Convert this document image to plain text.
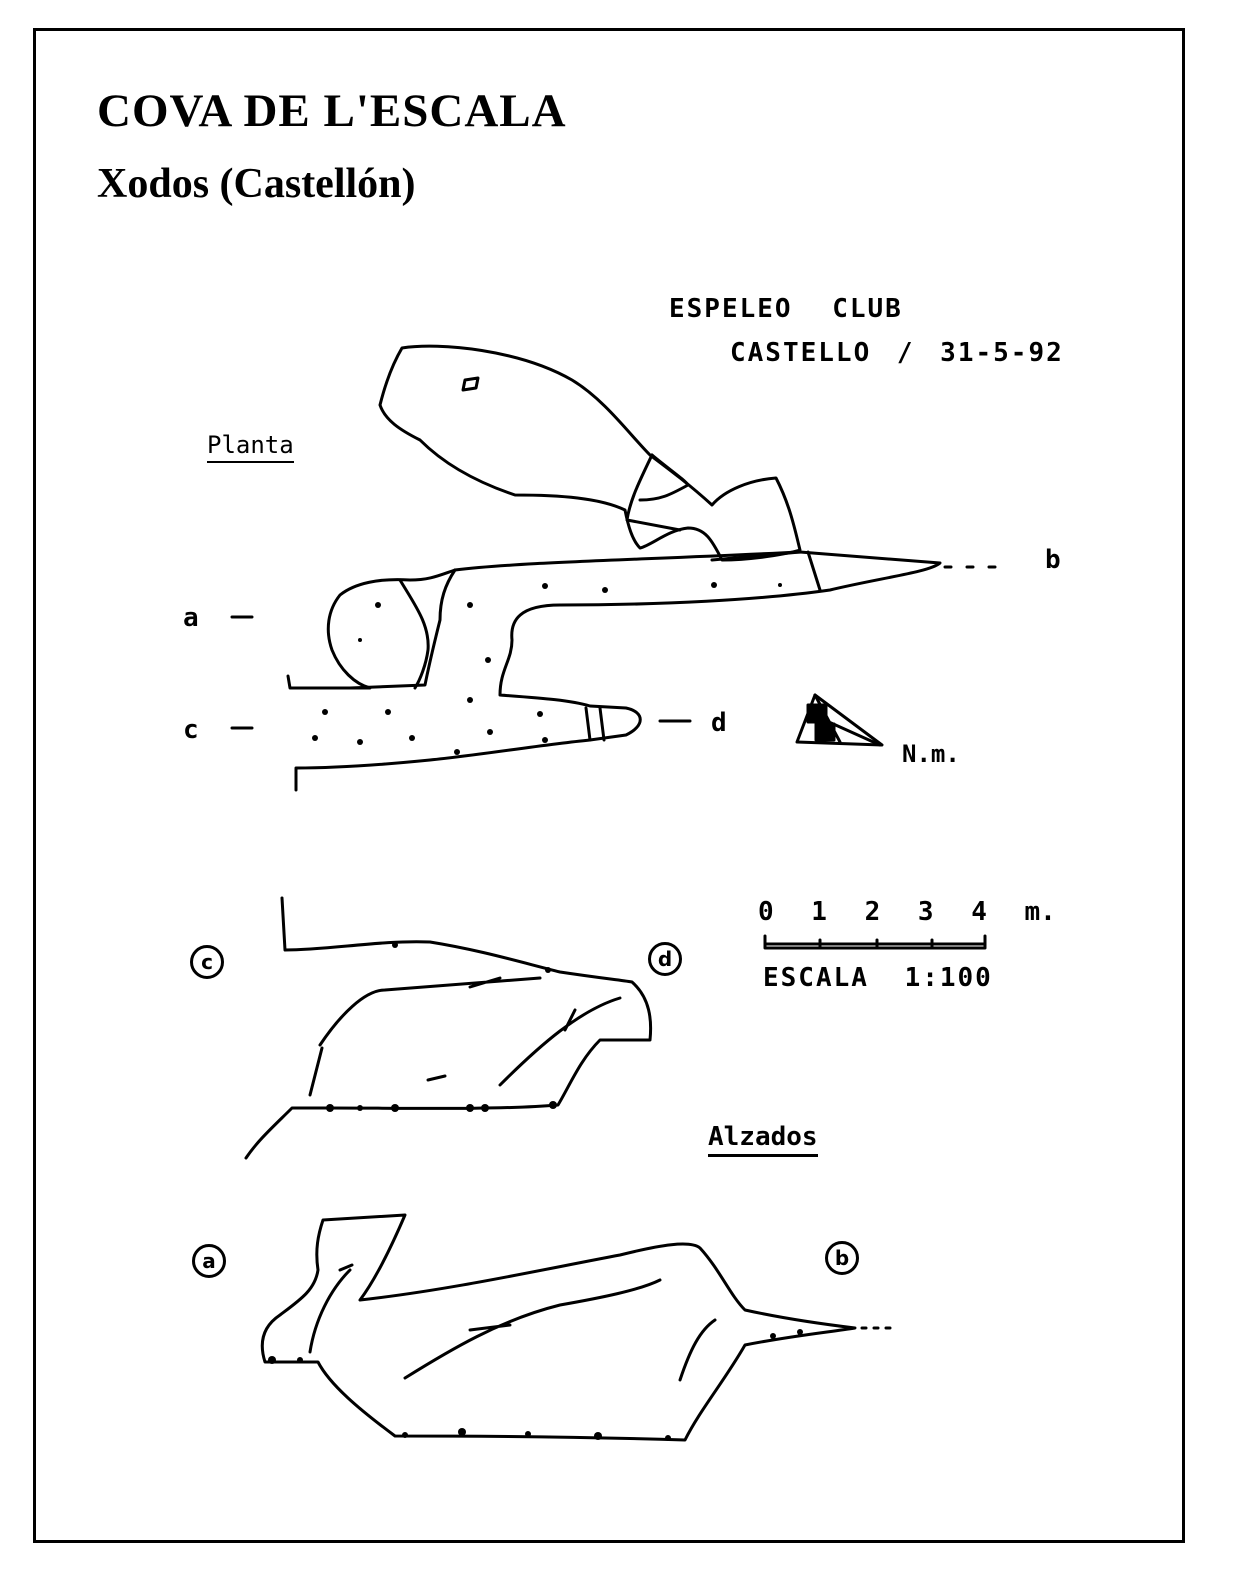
COVA DE L'ESCALA
Xodos (Castellón)
ESPELEO CLUB
CASTELLO / 31-5-92
Planta
Alzados
a
b
c	d
N.m.
0 1 2 3 4 m.
ESCALA 1:100
c	d
a	b
